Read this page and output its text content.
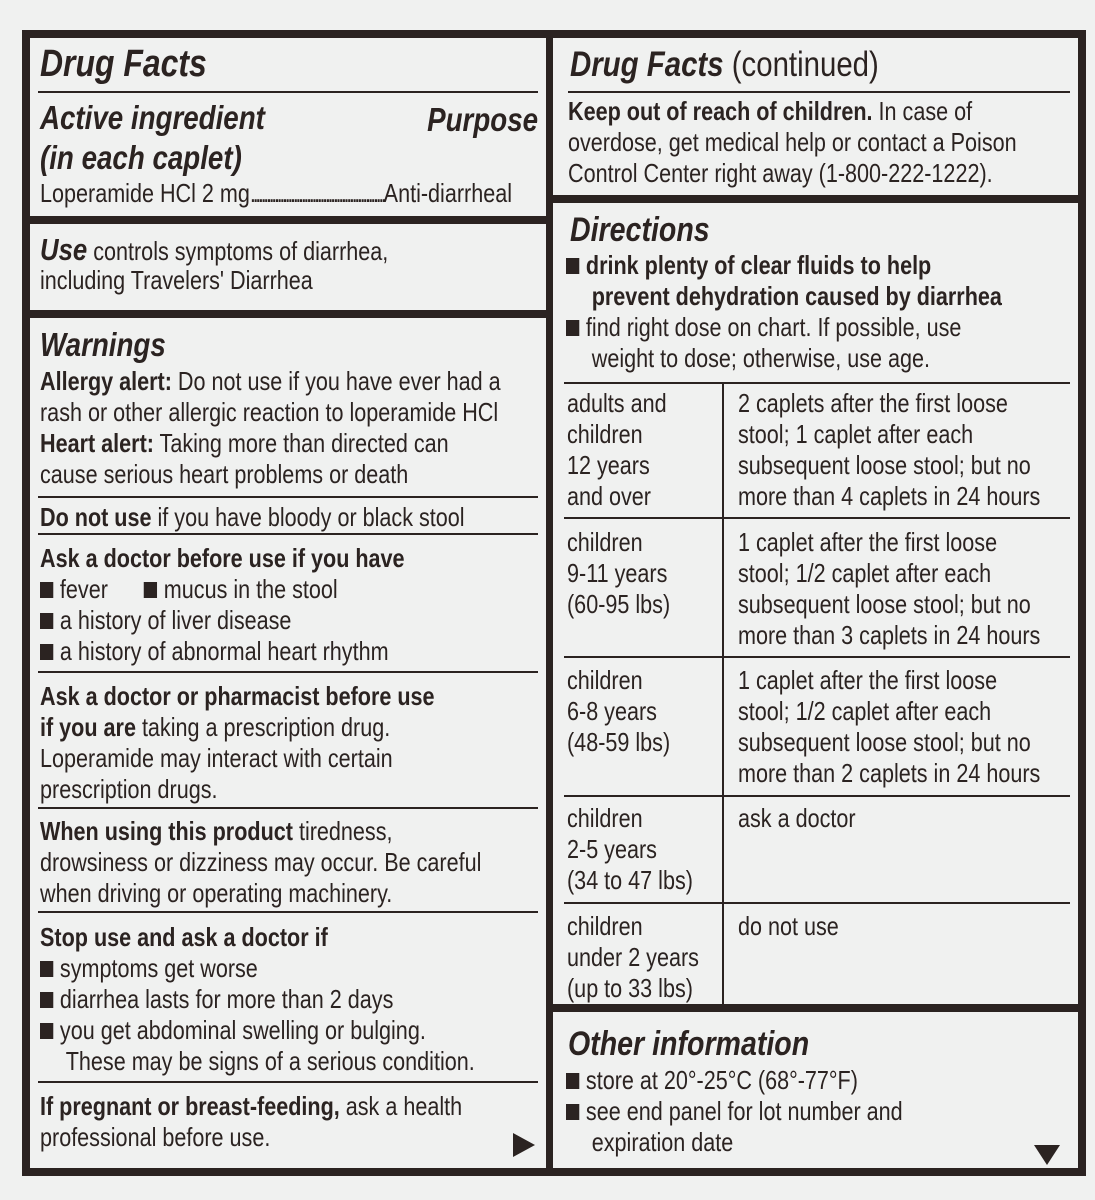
Drug Facts
Active ingredient
(in each caplet)
Purpose
Loperamide HCl 2 mg..................................................Anti-diarrheal
Use controls symptoms of diarrhea,
including Travelers' Diarrhea
Warnings
Allergy alert: Do not use if you have ever had a
rash or other allergic reaction to loperamide HCl
Heart alert: Taking more than directed can
cause serious heart problems or death
Do not use if you have bloody or black stool
Ask a doctor before use if you have
fever      mucus in the stool
a history of liver disease
a history of abnormal heart rhythm
Ask a doctor or pharmacist before use
if you are taking a prescription drug.
Loperamide may interact with certain
prescription drugs.
When using this product tiredness,
drowsiness or dizziness may occur. Be careful
when driving or operating machinery.
Stop use and ask a doctor if
symptoms get worse
diarrhea lasts for more than 2 days
you get abdominal swelling or bulging.
These may be signs of a serious condition.
If pregnant or breast-feeding, ask a health
professional before use.
Drug Facts (continued)
Keep out of reach of children. In case of
overdose, get medical help or contact a Poison
Control Center right away (1-800-222-1222).
Directions
drink plenty of clear fluids to help
prevent dehydration caused by diarrhea
find right dose on chart. If possible, use
weight to dose; otherwise, use age.
adults and
children
12 years
and over
2 caplets after the first loose
stool; 1 caplet after each
subsequent loose stool; but no
more than 4 caplets in 24 hours
children
9-11 years
(60-95 lbs)
1 caplet after the first loose
stool; 1/2 caplet after each
subsequent loose stool; but no
more than 3 caplets in 24 hours
children
6-8 years
(48-59 lbs)
1 caplet after the first loose
stool; 1/2 caplet after each
subsequent loose stool; but no
more than 2 caplets in 24 hours
children
2-5 years
(34 to 47 lbs)
ask a doctor
children
under 2 years
(up to 33 lbs)
do not use
Other information
store at 20°-25°C (68°-77°F)
see end panel for lot number and
expiration date
